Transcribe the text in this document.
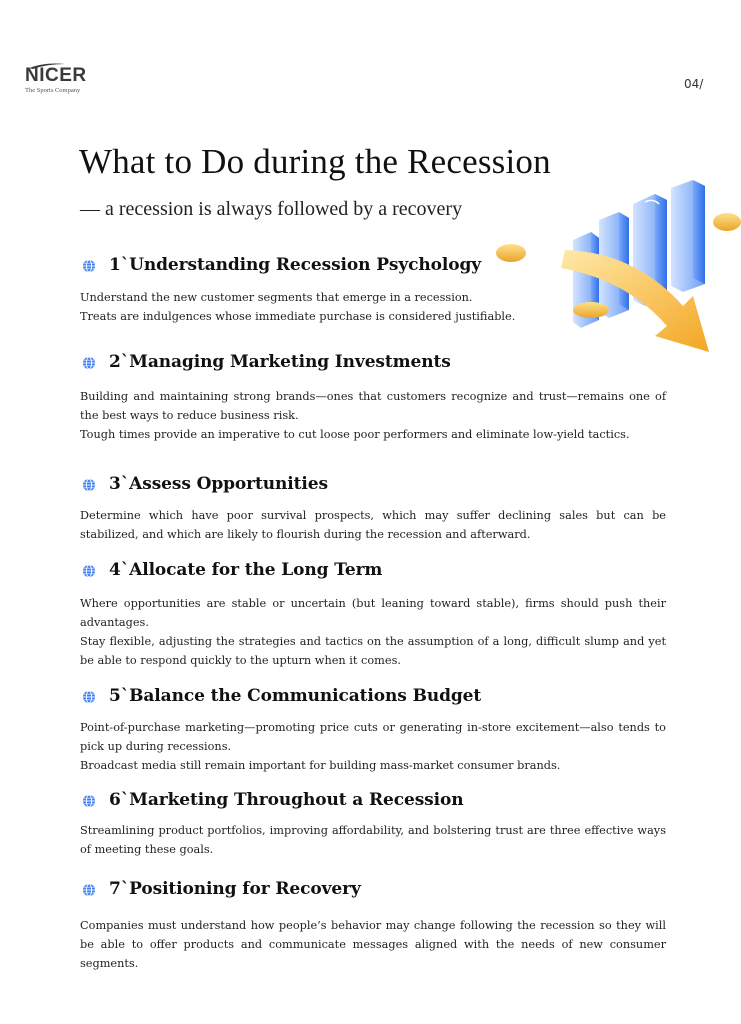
NICER
The Sports Company	04/
What to Do during the Recession
— a recession is always followed by a recovery
1`Understanding Recession Psychology

Understand the new customer segments that emerge in a recession.

Treats are indulgences whose immediate purchase is considered justifiable.

2`Managing Marketing Investments

Building and maintaining strong brands—ones that customers recognize and trust—remains one of the best ways to reduce business risk.

Tough times provide an imperative to cut loose poor performers and eliminate low-yield tactics.

3`Assess Opportunities

Determine which have poor survival prospects, which may suffer declining sales but can be stabilized, and which are likely to flourish during the recession and afterward.

4`Allocate for the Long Term

Where opportunities are stable or uncertain (but leaning toward stable), firms should push their advantages.

Stay flexible, adjusting the strategies and tactics on the assumption of a long, difficult slump and yet be able to respond quickly to the upturn when it comes.

5`Balance the Communications Budget

Point-of-purchase marketing—promoting price cuts or generating in-store excitement—also tends to pick up during recessions.

Broadcast media still remain important for building mass-market consumer brands.

6`Marketing Throughout a Recession

Streamlining product portfolios, improving affordability, and bolstering trust are three effective ways of meeting these goals.

7`Positioning for Recovery

Companies must understand how people’s behavior may change following the recession so they will be able to offer products and communicate messages aligned with the needs of new consumer segments.
